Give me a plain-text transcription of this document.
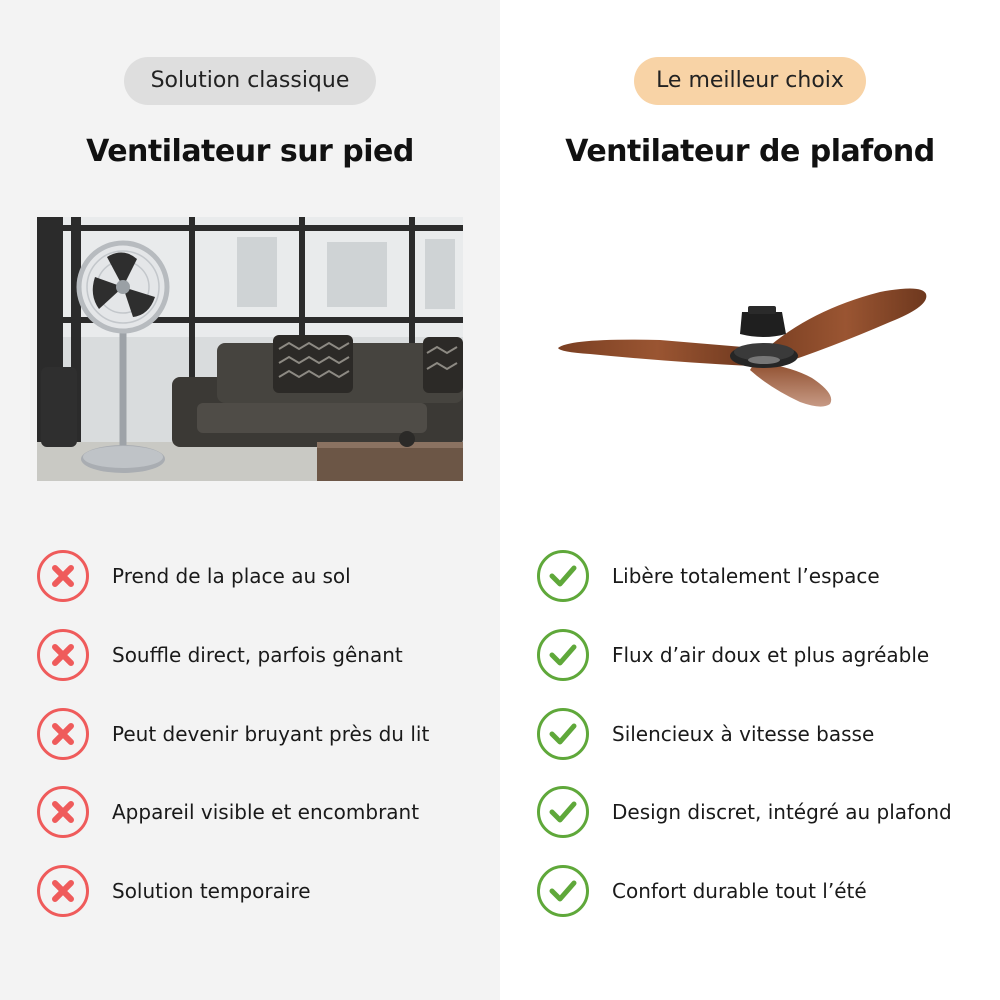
Solution classique
Ventilateur sur pied
Prend de la place au sol
Souffle direct, parfois gênant
Peut devenir bruyant près du lit
Appareil visible et encombrant
Solution temporaire
Le meilleur choix
Ventilateur de plafond
Libère totalement l’espace
Flux d’air doux et plus agréable
Silencieux à vitesse basse
Design discret, intégré au plafond
Confort durable tout l’été
